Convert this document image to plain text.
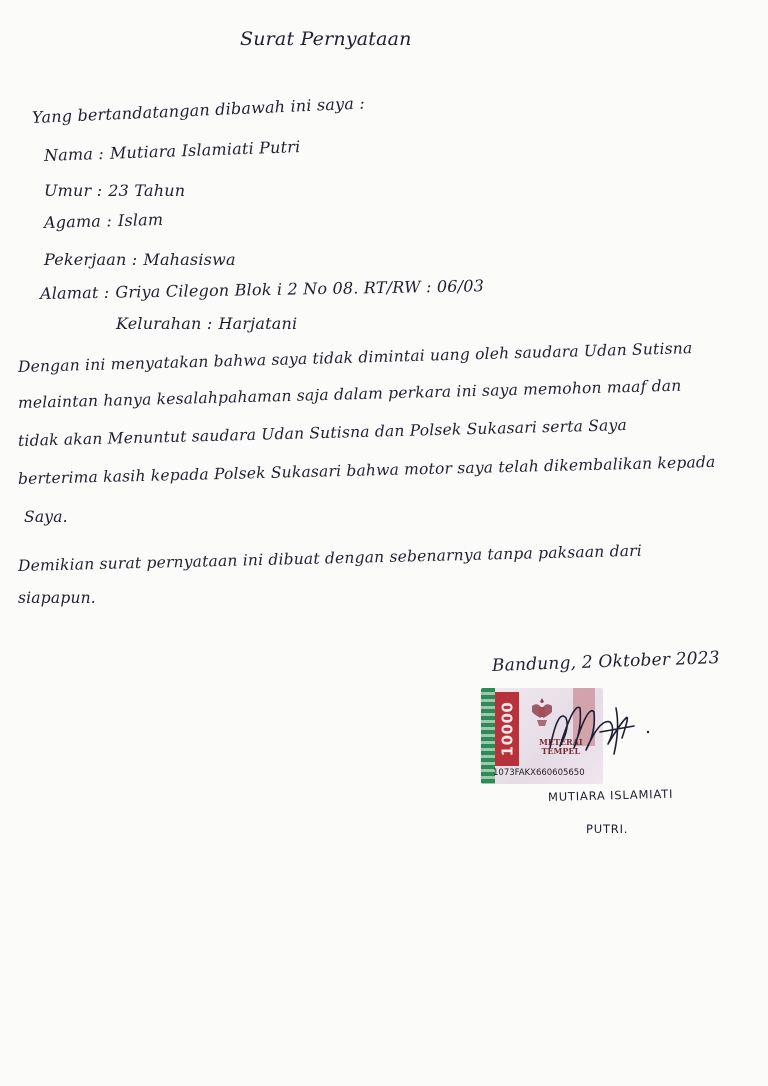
Surat Pernyataan
Yang bertandatangan dibawah ini saya :
Nama : Mutiara Islamiati Putri
Umur : 23 Tahun
Agama : Islam
Pekerjaan : Mahasiswa
Alamat : Griya Cilegon Blok i 2 No 08. RT/RW : 06/03
Kelurahan : Harjatani
Dengan ini menyatakan bahwa saya tidak dimintai uang oleh saudara Udan Sutisna
melaintan hanya kesalahpahaman saja dalam perkara ini saya memohon maaf dan
tidak akan Menuntut saudara Udan Sutisna dan Polsek Sukasari serta Saya
berterima kasih kepada Polsek Sukasari bahwa motor saya telah dikembalikan kepada
Saya.
Demikian surat pernyataan ini dibuat dengan sebenarnya tanpa paksaan dari
siapapun.
Bandung, 2 Oktober 2023
10000	METERAI
TEMPEL
1073FAKX660605650
MUTIARA ISLAMIATI
PUTRI.
